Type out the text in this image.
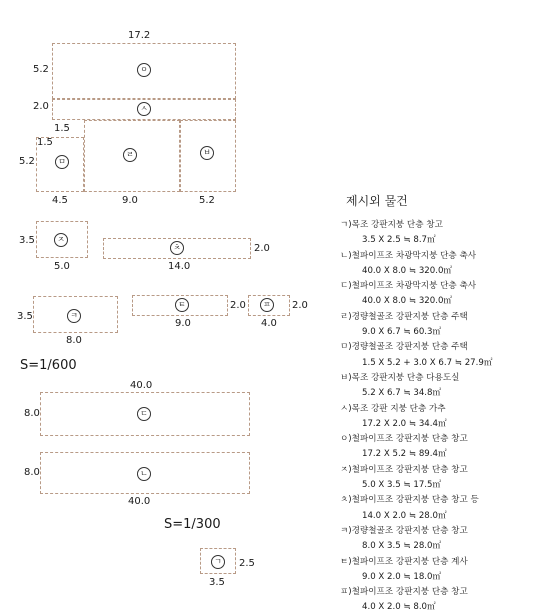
17.2
5.2
2.0
1.5
1.5
5.2
4.5	9.0	5.2
ㅇ
ㅅ
ㅁ
ㄹ	ㅂ
ㅈ
3.5
5.0
ㅊ	2.0
14.0
ㅋ
3.5
8.0
ㅌ	2.0
9.0
ㅍ	2.0
4.0
S=1/600
ㄷ
40.0
8.0
ㄴ
8.0
40.0
S=1/300
ㄱ	2.5
3.5
제시외 물건
ㄱ)목조 강판지붕 단층 창고
3.5 X 2.5 ≒ 8.7㎡
ㄴ)철파이프조 차광막지붕 단층 축사
40.0 X 8.0 ≒ 320.0㎡
ㄷ)철파이프조 차광막지붕 단층 축사
40.0 X 8.0 ≒ 320.0㎡
ㄹ)경량철골조 강판지붕 단층 주택
9.0 X 6.7 ≒ 60.3㎡
ㅁ)경량철골조 강판지붕 단층 주택
1.5 X 5.2 + 3.0 X 6.7 ≒ 27.9㎡
ㅂ)목조 강판지붕 단층 다용도실
5.2 X 6.7 ≒ 34.8㎡
ㅅ)목조 강판 지붕 단층 가추
17.2 X 2.0 ≒ 34.4㎡
ㅇ)철파이프조 강판지붕 단층 창고
17.2 X 5.2 ≒ 89.4㎡
ㅈ)철파이프조 강판지붕 단층 창고
5.0 X 3.5 ≒ 17.5㎡
ㅊ)철파이프조 강판지붕 단층 창고 등
14.0 X 2.0 ≒ 28.0㎡
ㅋ)경량철골조 강판지붕 단층 창고
8.0 X 3.5 ≒ 28.0㎡
ㅌ)철파이프조 강판지붕 단층 계사
9.0 X 2.0 ≒ 18.0㎡
ㅍ)철파이프조 강판지붕 단층 창고
4.0 X 2.0 ≒ 8.0㎡
